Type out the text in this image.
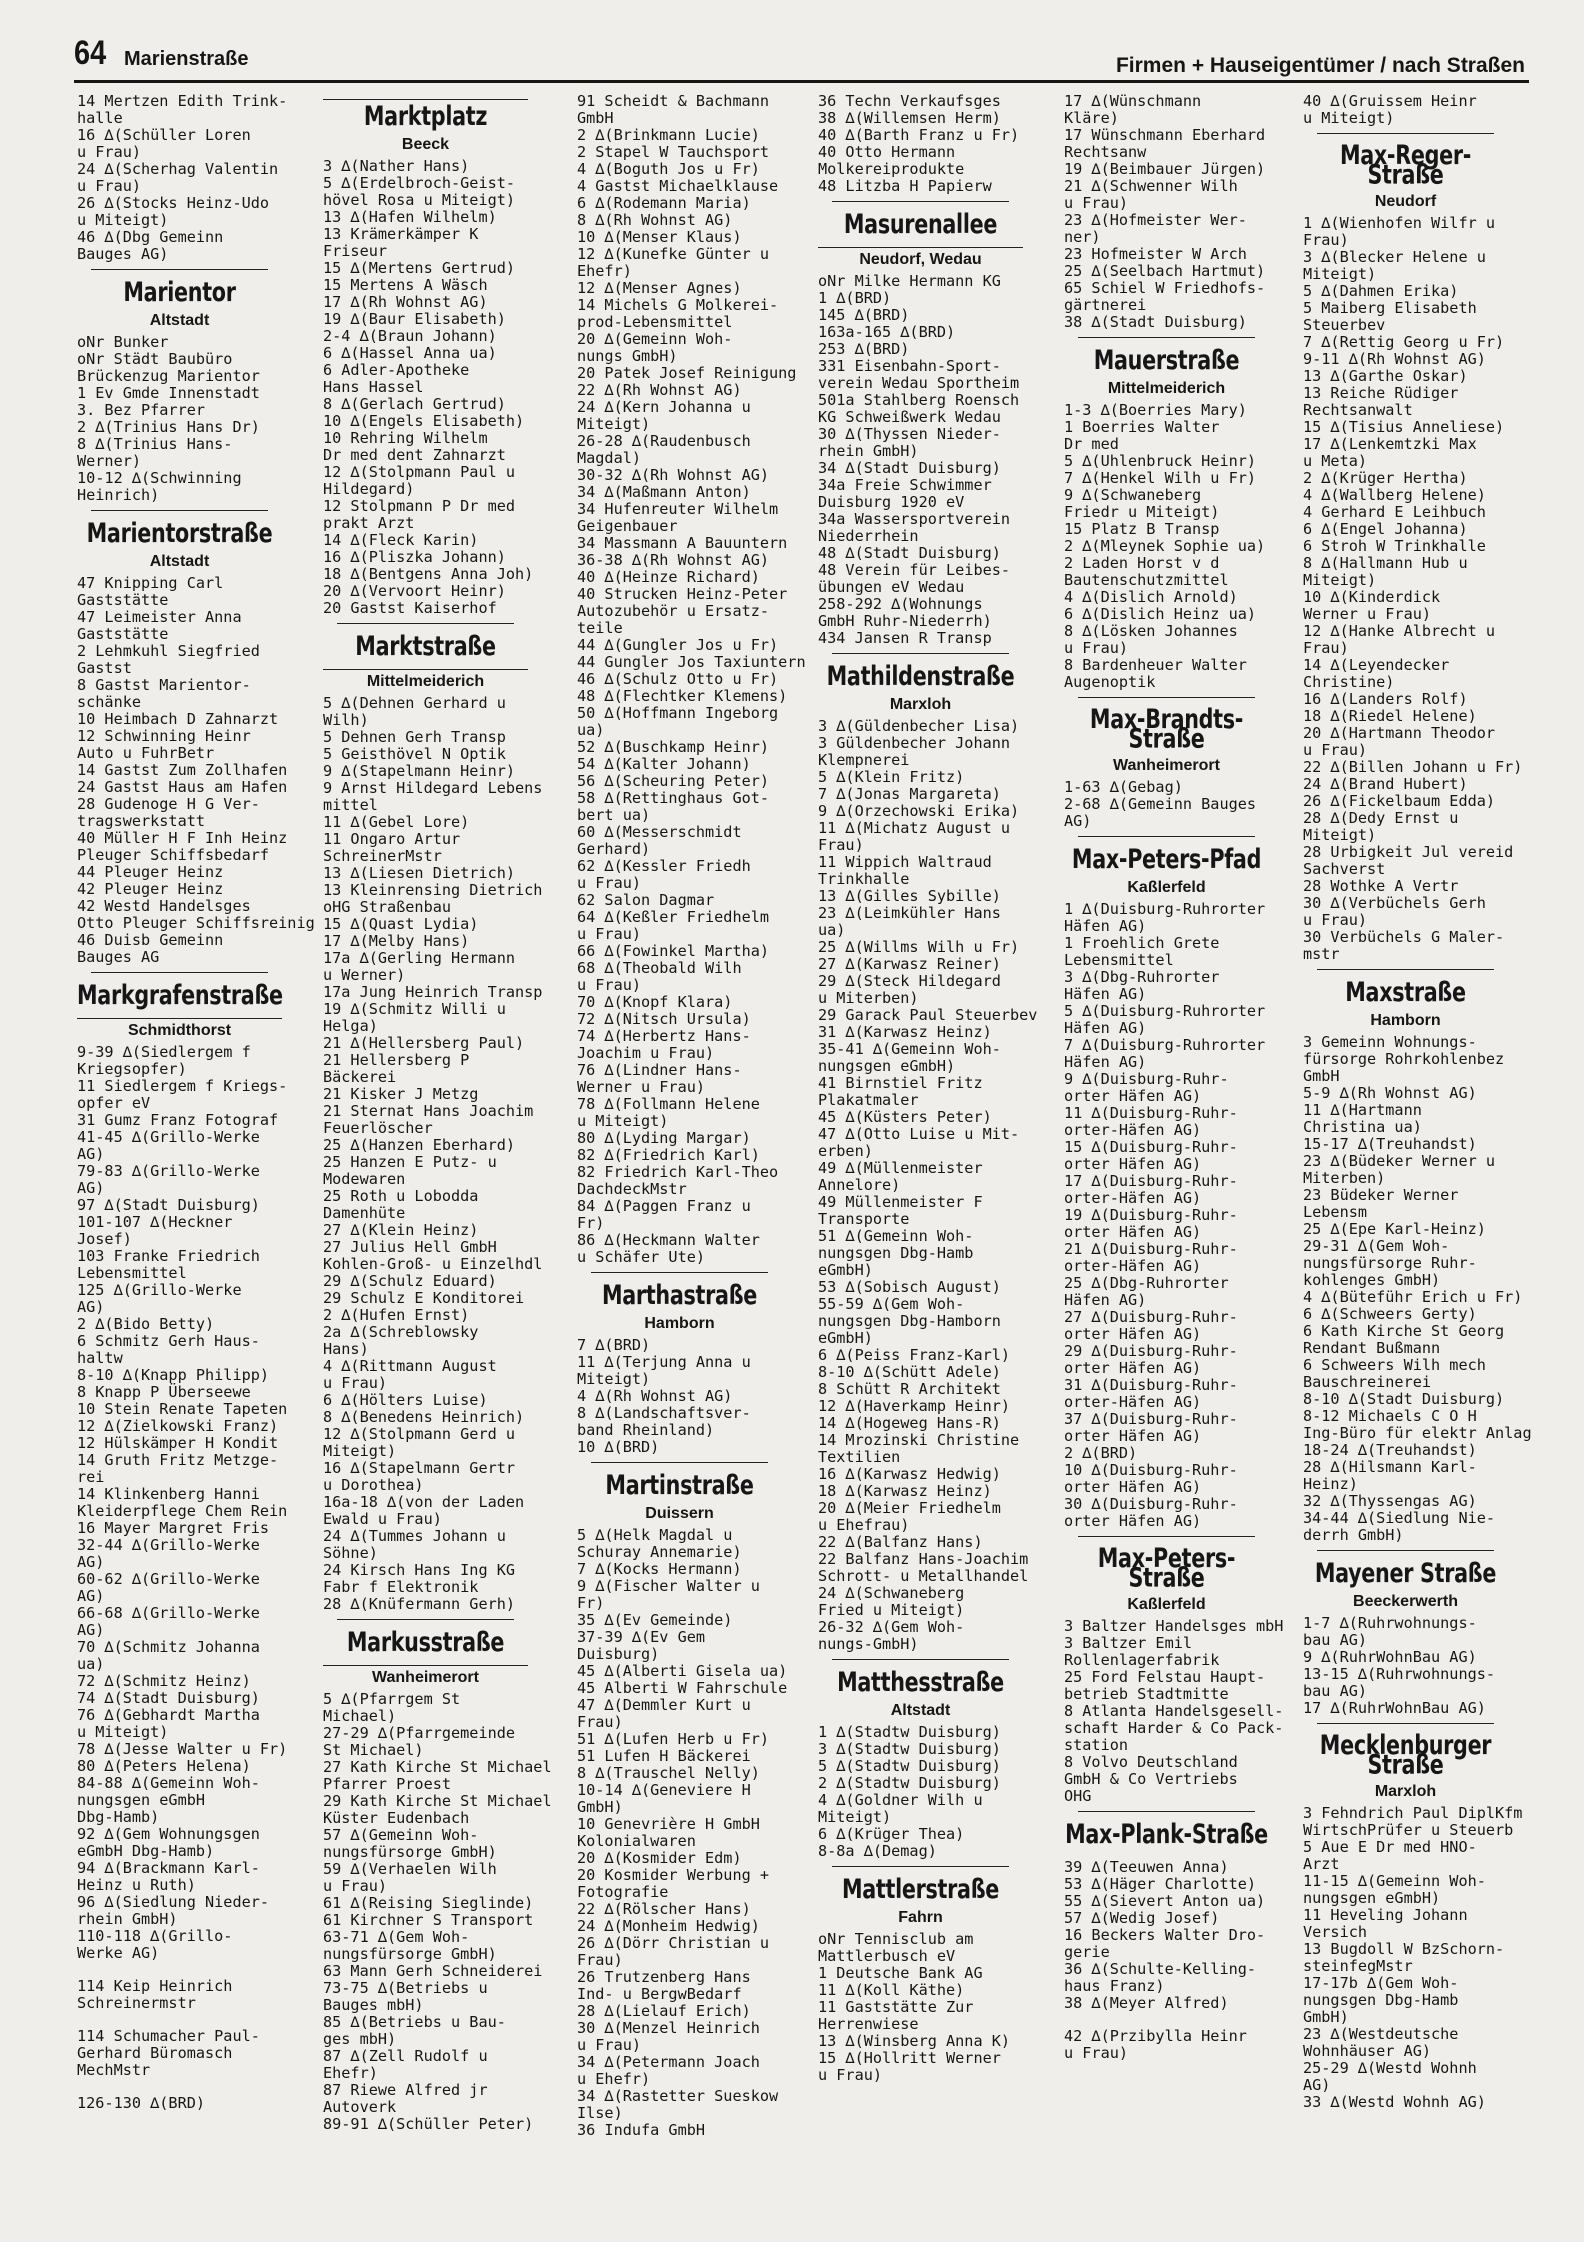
64 Marienstraße	Firmen + Hauseigentümer / nach Straßen
14 Mertzen Edith Trink-
halle
16 ∆(Schüller Loren
u Frau)
24 ∆(Scherhag Valentin
u Frau)
26 ∆(Stocks Heinz-Udo
u Miteigt)
46 ∆(Dbg Gemeinn
Bauges AG)
Marientor
Altstadt
oNr Bunker
oNr Städt Baubüro
Brückenzug Marientor
1 Ev Gmde Innenstadt
3. Bez Pfarrer
2 ∆(Trinius Hans Dr)
8 ∆(Trinius Hans-
Werner)
10-12 ∆(Schwinning
Heinrich)
Marientorstraße
Altstadt
47 Knipping Carl
Gaststätte
47 Leimeister Anna
Gaststätte
2 Lehmkuhl Siegfried
Gastst
8 Gastst Marientor-
schänke
10 Heimbach D Zahnarzt
12 Schwinning Heinr
Auto u FuhrBetr
14 Gastst Zum Zollhafen
24 Gastst Haus am Hafen
28 Gudenoge H G Ver-
tragswerkstatt
40 Müller H F Inh Heinz
Pleuger Schiffsbedarf
44 Pleuger Heinz
42 Pleuger Heinz
42 Westd Handelsges
Otto Pleuger Schiffsreinig
46 Duisb Gemeinn
Bauges AG
Markgrafenstraße
Schmidthorst
9-39 ∆(Siedlergem f
Kriegsopfer)
11 Siedlergem f Kriegs-
opfer eV
31 Gumz Franz Fotograf
41-45 ∆(Grillo-Werke
AG)
79-83 ∆(Grillo-Werke
AG)
97 ∆(Stadt Duisburg)
101-107 ∆(Heckner
Josef)
103 Franke Friedrich
Lebensmittel
125 ∆(Grillo-Werke
AG)
2 ∆(Bido Betty)
6 Schmitz Gerh Haus-
haltw
8-10 ∆(Knapp Philipp)
8 Knapp P Überseewe
10 Stein Renate Tapeten
12 ∆(Zielkowski Franz)
12 Hülskämper H Kondit
14 Gruth Fritz Metzge-
rei
14 Klinkenberg Hanni
Kleiderpflege Chem Rein
16 Mayer Margret Fris
32-44 ∆(Grillo-Werke
AG)
60-62 ∆(Grillo-Werke
AG)
66-68 ∆(Grillo-Werke
AG)
70 ∆(Schmitz Johanna
ua)
72 ∆(Schmitz Heinz)
74 ∆(Stadt Duisburg)
76 ∆(Gebhardt Martha
u Miteigt)
78 ∆(Jesse Walter u Fr)
80 ∆(Peters Helena)
84-88 ∆(Gemeinn Woh-
nungsgen eGmbH
Dbg-Hamb)
92 ∆(Gem Wohnungsgen
eGmbH Dbg-Hamb)
94 ∆(Brackmann Karl-
Heinz u Ruth)
96 ∆(Siedlung Nieder-
rhein GmbH)
110-118 ∆(Grillo-
Werke AG)
114 Keip Heinrich
Schreinermstr
114 Schumacher Paul-
Gerhard Büromasch
MechMstr
126-130 ∆(BRD)
Marktplatz
Beeck
3 ∆(Nather Hans)
5 ∆(Erdelbroch-Geist-
hövel Rosa u Miteigt)
13 ∆(Hafen Wilhelm)
13 Krämerkämper K
Friseur
15 ∆(Mertens Gertrud)
15 Mertens A Wäsch
17 ∆(Rh Wohnst AG)
19 ∆(Baur Elisabeth)
2-4 ∆(Braun Johann)
6 ∆(Hassel Anna ua)
6 Adler-Apotheke
Hans Hassel
8 ∆(Gerlach Gertrud)
10 ∆(Engels Elisabeth)
10 Rehring Wilhelm
Dr med dent Zahnarzt
12 ∆(Stolpmann Paul u
Hildegard)
12 Stolpmann P Dr med
prakt Arzt
14 ∆(Fleck Karin)
16 ∆(Pliszka Johann)
18 ∆(Bentgens Anna Joh)
20 ∆(Vervoort Heinr)
20 Gastst Kaiserhof
Marktstraße
Mittelmeiderich
5 ∆(Dehnen Gerhard u
Wilh)
5 Dehnen Gerh Transp
5 Geisthövel N Optik
9 ∆(Stapelmann Heinr)
9 Arnst Hildegard Lebens
mittel
11 ∆(Gebel Lore)
11 Ongaro Artur
SchreinerMstr
13 ∆(Liesen Dietrich)
13 Kleinrensing Dietrich
oHG Straßenbau
15 ∆(Quast Lydia)
17 ∆(Melby Hans)
17a ∆(Gerling Hermann
u Werner)
17a Jung Heinrich Transp
19 ∆(Schmitz Willi u
Helga)
21 ∆(Hellersberg Paul)
21 Hellersberg P
Bäckerei
21 Kisker J Metzg
21 Sternat Hans Joachim
Feuerlöscher
25 ∆(Hanzen Eberhard)
25 Hanzen E Putz- u
Modewaren
25 Roth u Lobodda
Damenhüte
27 ∆(Klein Heinz)
27 Julius Hell GmbH
Kohlen-Groß- u Einzelhdl
29 ∆(Schulz Eduard)
29 Schulz E Konditorei
2 ∆(Hufen Ernst)
2a ∆(Schreblowsky
Hans)
4 ∆(Rittmann August
u Frau)
6 ∆(Hölters Luise)
8 ∆(Benedens Heinrich)
12 ∆(Stolpmann Gerd u
Miteigt)
16 ∆(Stapelmann Gertr
u Dorothea)
16a-18 ∆(von der Laden
Ewald u Frau)
24 ∆(Tummes Johann u
Söhne)
24 Kirsch Hans Ing KG
Fabr f Elektronik
28 ∆(Knüfermann Gerh)
Markusstraße
Wanheimerort
5 ∆(Pfarrgem St
Michael)
27-29 ∆(Pfarrgemeinde
St Michael)
27 Kath Kirche St Michael
Pfarrer Proest
29 Kath Kirche St Michael
Küster Eudenbach
57 ∆(Gemeinn Woh-
nungsfürsorge GmbH)
59 ∆(Verhaelen Wilh
u Frau)
61 ∆(Reising Sieglinde)
61 Kirchner S Transport
63-71 ∆(Gem Woh-
nungsfürsorge GmbH)
63 Mann Gerh Schneiderei
73-75 ∆(Betriebs u
Bauges mbH)
85 ∆(Betriebs u Bau-
ges mbH)
87 ∆(Zell Rudolf u
Ehefr)
87 Riewe Alfred jr
Autoverk
89-91 ∆(Schüller Peter)
91 Scheidt & Bachmann
GmbH
2 ∆(Brinkmann Lucie)
2 Stapel W Tauchsport
4 ∆(Boguth Jos u Fr)
4 Gastst Michaelklause
6 ∆(Rodemann Maria)
8 ∆(Rh Wohnst AG)
10 ∆(Menser Klaus)
12 ∆(Kunefke Günter u
Ehefr)
12 ∆(Menser Agnes)
14 Michels G Molkerei-
prod-Lebensmittel
20 ∆(Gemeinn Woh-
nungs GmbH)
20 Patek Josef Reinigung
22 ∆(Rh Wohnst AG)
24 ∆(Kern Johanna u
Miteigt)
26-28 ∆(Raudenbusch
Magdal)
30-32 ∆(Rh Wohnst AG)
34 ∆(Maßmann Anton)
34 Hufenreuter Wilhelm
Geigenbauer
34 Massmann A Bauuntern
36-38 ∆(Rh Wohnst AG)
40 ∆(Heinze Richard)
40 Strucken Heinz-Peter
Autozubehör u Ersatz-
teile
44 ∆(Gungler Jos u Fr)
44 Gungler Jos Taxiuntern
46 ∆(Schulz Otto u Fr)
48 ∆(Flechtker Klemens)
50 ∆(Hoffmann Ingeborg
ua)
52 ∆(Buschkamp Heinr)
54 ∆(Kalter Johann)
56 ∆(Scheuring Peter)
58 ∆(Rettinghaus Got-
bert ua)
60 ∆(Messerschmidt
Gerhard)
62 ∆(Kessler Friedh
u Frau)
62 Salon Dagmar
64 ∆(Keßler Friedhelm
u Frau)
66 ∆(Fowinkel Martha)
68 ∆(Theobald Wilh
u Frau)
70 ∆(Knopf Klara)
72 ∆(Nitsch Ursula)
74 ∆(Herbertz Hans-
Joachim u Frau)
76 ∆(Lindner Hans-
Werner u Frau)
78 ∆(Follmann Helene
u Miteigt)
80 ∆(Lyding Margar)
82 ∆(Friedrich Karl)
82 Friedrich Karl-Theo
DachdeckMstr
84 ∆(Paggen Franz u
Fr)
86 ∆(Heckmann Walter
u Schäfer Ute)
Marthastraße
Hamborn
7 ∆(BRD)
11 ∆(Terjung Anna u
Miteigt)
4 ∆(Rh Wohnst AG)
8 ∆(Landschaftsver-
band Rheinland)
10 ∆(BRD)
Martinstraße
Duissern
5 ∆(Helk Magdal u
Schuray Annemarie)
7 ∆(Kocks Hermann)
9 ∆(Fischer Walter u
Fr)
35 ∆(Ev Gemeinde)
37-39 ∆(Ev Gem
Duisburg)
45 ∆(Alberti Gisela ua)
45 Alberti W Fahrschule
47 ∆(Demmler Kurt u
Frau)
51 ∆(Lufen Herb u Fr)
51 Lufen H Bäckerei
8 ∆(Trauschel Nelly)
10-14 ∆(Geneviere H
GmbH)
10 Genevrière H GmbH
Kolonialwaren
20 ∆(Kosmider Edm)
20 Kosmider Werbung +
Fotografie
22 ∆(Rölscher Hans)
24 ∆(Monheim Hedwig)
26 ∆(Dörr Christian u
Frau)
26 Trutzenberg Hans
Ind- u BergwBedarf
28 ∆(Lielauf Erich)
30 ∆(Menzel Heinrich
u Frau)
34 ∆(Petermann Joach
u Ehefr)
34 ∆(Rastetter Sueskow
Ilse)
36 Indufa GmbH
36 Techn Verkaufsges
38 ∆(Willemsen Herm)
40 ∆(Barth Franz u Fr)
40 Otto Hermann
Molkereiprodukte
48 Litzba H Papierw
Masurenallee
Neudorf, Wedau
oNr Milke Hermann KG
1 ∆(BRD)
145 ∆(BRD)
163a-165 ∆(BRD)
253 ∆(BRD)
331 Eisenbahn-Sport-
verein Wedau Sportheim
501a Stahlberg Roensch
KG Schweißwerk Wedau
30 ∆(Thyssen Nieder-
rhein GmbH)
34 ∆(Stadt Duisburg)
34a Freie Schwimmer
Duisburg 1920 eV
34a Wassersportverein
Niederrhein
48 ∆(Stadt Duisburg)
48 Verein für Leibes-
übungen eV Wedau
258-292 ∆(Wohnungs
GmbH Ruhr-Niederrh)
434 Jansen R Transp
Mathildenstraße
Marxloh
3 ∆(Güldenbecher Lisa)
3 Güldenbecher Johann
Klempnerei
5 ∆(Klein Fritz)
7 ∆(Jonas Margareta)
9 ∆(Orzechowski Erika)
11 ∆(Michatz August u
Frau)
11 Wippich Waltraud
Trinkhalle
13 ∆(Gilles Sybille)
23 ∆(Leimkühler Hans
ua)
25 ∆(Willms Wilh u Fr)
27 ∆(Karwasz Reiner)
29 ∆(Steck Hildegard
u Miterben)
29 Garack Paul Steuerbev
31 ∆(Karwasz Heinz)
35-41 ∆(Gemeinn Woh-
nungsgen eGmbH)
41 Birnstiel Fritz
Plakatmaler
45 ∆(Küsters Peter)
47 ∆(Otto Luise u Mit-
erben)
49 ∆(Müllenmeister
Annelore)
49 Müllenmeister F
Transporte
51 ∆(Gemeinn Woh-
nungsgen Dbg-Hamb
eGmbH)
53 ∆(Sobisch August)
55-59 ∆(Gem Woh-
nungsgen Dbg-Hamborn
eGmbH)
6 ∆(Peiss Franz-Karl)
8-10 ∆(Schütt Adele)
8 Schütt R Architekt
12 ∆(Haverkamp Heinr)
14 ∆(Hogeweg Hans-R)
14 Mrozinski Christine
Textilien
16 ∆(Karwasz Hedwig)
18 ∆(Karwasz Heinz)
20 ∆(Meier Friedhelm
u Ehefrau)
22 ∆(Balfanz Hans)
22 Balfanz Hans-Joachim
Schrott- u Metallhandel
24 ∆(Schwaneberg
Fried u Miteigt)
26-32 ∆(Gem Woh-
nungs-GmbH)
Matthesstraße
Altstadt
1 ∆(Stadtw Duisburg)
3 ∆(Stadtw Duisburg)
5 ∆(Stadtw Duisburg)
2 ∆(Stadtw Duisburg)
4 ∆(Goldner Wilh u
Miteigt)
6 ∆(Krüger Thea)
8-8a ∆(Demag)
Mattlerstraße
Fahrn
oNr Tennisclub am
Mattlerbusch eV
1 Deutsche Bank AG
11 ∆(Koll Käthe)
11 Gaststätte Zur
Herrenwiese
13 ∆(Winsberg Anna K)
15 ∆(Hollritt Werner
u Frau)
17 ∆(Wünschmann
Kläre)
17 Wünschmann Eberhard
Rechtsanw
19 ∆(Beimbauer Jürgen)
21 ∆(Schwenner Wilh
u Frau)
23 ∆(Hofmeister Wer-
ner)
23 Hofmeister W Arch
25 ∆(Seelbach Hartmut)
65 Schiel W Friedhofs-
gärtnerei
38 ∆(Stadt Duisburg)
Mauerstraße
Mittelmeiderich
1-3 ∆(Boerries Mary)
1 Boerries Walter
Dr med
5 ∆(Uhlenbruck Heinr)
7 ∆(Henkel Wilh u Fr)
9 ∆(Schwaneberg
Friedr u Miteigt)
15 Platz B Transp
2 ∆(Mleynek Sophie ua)
2 Laden Horst v d
Bautenschutzmittel
4 ∆(Dislich Arnold)
6 ∆(Dislich Heinz ua)
8 ∆(Lösken Johannes
u Frau)
8 Bardenheuer Walter
Augenoptik
Max-Brandts-Straße
Wanheimerort
1-63 ∆(Gebag)
2-68 ∆(Gemeinn Bauges
AG)
Max-Peters-Pfad
Kaßlerfeld
1 ∆(Duisburg-Ruhrorter
Häfen AG)
1 Froehlich Grete
Lebensmittel
3 ∆(Dbg-Ruhrorter
Häfen AG)
5 ∆(Duisburg-Ruhrorter
Häfen AG)
7 ∆(Duisburg-Ruhrorter
Häfen AG)
9 ∆(Duisburg-Ruhr-
orter Häfen AG)
11 ∆(Duisburg-Ruhr-
orter-Häfen AG)
15 ∆(Duisburg-Ruhr-
orter Häfen AG)
17 ∆(Duisburg-Ruhr-
orter-Häfen AG)
19 ∆(Duisburg-Ruhr-
orter Häfen AG)
21 ∆(Duisburg-Ruhr-
orter-Häfen AG)
25 ∆(Dbg-Ruhrorter
Häfen AG)
27 ∆(Duisburg-Ruhr-
orter Häfen AG)
29 ∆(Duisburg-Ruhr-
orter Häfen AG)
31 ∆(Duisburg-Ruhr-
orter-Häfen AG)
37 ∆(Duisburg-Ruhr-
orter Häfen AG)
2 ∆(BRD)
10 ∆(Duisburg-Ruhr-
orter Häfen AG)
30 ∆(Duisburg-Ruhr-
orter Häfen AG)
Max-Peters-Straße
Kaßlerfeld
3 Baltzer Handelsges mbH
3 Baltzer Emil
Rollenlagerfabrik
25 Ford Felstau Haupt-
betrieb Stadtmitte
8 Atlanta Handelsgesell-
schaft Harder & Co Pack-
station
8 Volvo Deutschland
GmbH & Co Vertriebs
OHG
Max-Plank-Straße
39 ∆(Teeuwen Anna)
53 ∆(Häger Charlotte)
55 ∆(Sievert Anton ua)
57 ∆(Wedig Josef)
16 Beckers Walter Dro-
gerie
36 ∆(Schulte-Kelling-
haus Franz)
38 ∆(Meyer Alfred)
42 ∆(Przibylla Heinr
u Frau)
40 ∆(Gruissem Heinr
u Miteigt)
Max-Reger-Straße
Neudorf
1 ∆(Wienhofen Wilfr u
Frau)
3 ∆(Blecker Helene u
Miteigt)
5 ∆(Dahmen Erika)
5 Maiberg Elisabeth
Steuerbev
7 ∆(Rettig Georg u Fr)
9-11 ∆(Rh Wohnst AG)
13 ∆(Garthe Oskar)
13 Reiche Rüdiger
Rechtsanwalt
15 ∆(Tisius Anneliese)
17 ∆(Lenkemtzki Max
u Meta)
2 ∆(Krüger Hertha)
4 ∆(Wallberg Helene)
4 Gerhard E Leihbuch
6 ∆(Engel Johanna)
6 Stroh W Trinkhalle
8 ∆(Hallmann Hub u
Miteigt)
10 ∆(Kinderdick
Werner u Frau)
12 ∆(Hanke Albrecht u
Frau)
14 ∆(Leyendecker
Christine)
16 ∆(Landers Rolf)
18 ∆(Riedel Helene)
20 ∆(Hartmann Theodor
u Frau)
22 ∆(Billen Johann u Fr)
24 ∆(Brand Hubert)
26 ∆(Fickelbaum Edda)
28 ∆(Dedy Ernst u
Miteigt)
28 Urbigkeit Jul vereid
Sachverst
28 Wothke A Vertr
30 ∆(Verbüchels Gerh
u Frau)
30 Verbüchels G Maler-
mstr
Maxstraße
Hamborn
3 Gemeinn Wohnungs-
fürsorge Rohrkohlenbez
GmbH
5-9 ∆(Rh Wohnst AG)
11 ∆(Hartmann
Christina ua)
15-17 ∆(Treuhandst)
23 ∆(Büdeker Werner u
Miterben)
23 Büdeker Werner
Lebensm
25 ∆(Epe Karl-Heinz)
29-31 ∆(Gem Woh-
nungsfürsorge Ruhr-
kohlenges GmbH)
4 ∆(Büteführ Erich u Fr)
6 ∆(Schweers Gerty)
6 Kath Kirche St Georg
Rendant Bußmann
6 Schweers Wilh mech
Bauschreinerei
8-10 ∆(Stadt Duisburg)
8-12 Michaels C O H
Ing-Büro für elektr Anlag
18-24 ∆(Treuhandst)
28 ∆(Hilsmann Karl-
Heinz)
32 ∆(Thyssengas AG)
34-44 ∆(Siedlung Nie-
derrh GmbH)
Mayener Straße
Beeckerwerth
1-7 ∆(Ruhrwohnungs-
bau AG)
9 ∆(RuhrWohnBau AG)
13-15 ∆(Ruhrwohnungs-
bau AG)
17 ∆(RuhrWohnBau AG)
Mecklenburger Straße
Marxloh
3 Fehndrich Paul DiplKfm
WirtschPrüfer u Steuerb
5 Aue E Dr med HNO-
Arzt
11-15 ∆(Gemeinn Woh-
nungsgen eGmbH)
11 Heveling Johann
Versich
13 Bugdoll W BzSchorn-
steinfegMstr
17-17b ∆(Gem Woh-
nungsgen Dbg-Hamb
GmbH)
23 ∆(Westdeutsche
Wohnhäuser AG)
25-29 ∆(Westd Wohnh
AG)
33 ∆(Westd Wohnh AG)
